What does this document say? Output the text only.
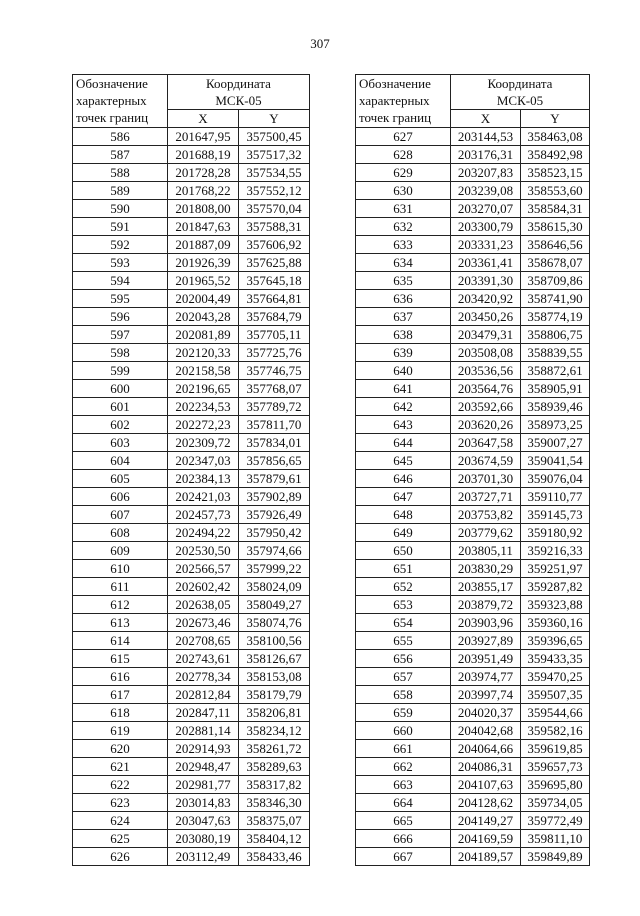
307
Обозначение
характерных
точек границ	Координата
МСК-05	

	X	Y
586	201647,95	357500,45
587	201688,19	357517,32
588	201728,28	357534,55
589	201768,22	357552,12
590	201808,00	357570,04
591	201847,63	357588,31
592	201887,09	357606,92
593	201926,39	357625,88
594	201965,52	357645,18
595	202004,49	357664,81
596	202043,28	357684,79
597	202081,89	357705,11
598	202120,33	357725,76
599	202158,58	357746,75
600	202196,65	357768,07
601	202234,53	357789,72
602	202272,23	357811,70
603	202309,72	357834,01
604	202347,03	357856,65
605	202384,13	357879,61
606	202421,03	357902,89
607	202457,73	357926,49
608	202494,22	357950,42
609	202530,50	357974,66
610	202566,57	357999,22
611	202602,42	358024,09
612	202638,05	358049,27
613	202673,46	358074,76
614	202708,65	358100,56
615	202743,61	358126,67
616	202778,34	358153,08
617	202812,84	358179,79
618	202847,11	358206,81
619	202881,14	358234,12
620	202914,93	358261,72
621	202948,47	358289,63
622	202981,77	358317,82
623	203014,83	358346,30
624	203047,63	358375,07
625	203080,19	358404,12
626	203112,49	358433,46
Обозначение
характерных
точек границ	Координата
МСК-05	

	X	Y
627	203144,53	358463,08
628	203176,31	358492,98
629	203207,83	358523,15
630	203239,08	358553,60
631	203270,07	358584,31
632	203300,79	358615,30
633	203331,23	358646,56
634	203361,41	358678,07
635	203391,30	358709,86
636	203420,92	358741,90
637	203450,26	358774,19
638	203479,31	358806,75
639	203508,08	358839,55
640	203536,56	358872,61
641	203564,76	358905,91
642	203592,66	358939,46
643	203620,26	358973,25
644	203647,58	359007,27
645	203674,59	359041,54
646	203701,30	359076,04
647	203727,71	359110,77
648	203753,82	359145,73
649	203779,62	359180,92
650	203805,11	359216,33
651	203830,29	359251,97
652	203855,17	359287,82
653	203879,72	359323,88
654	203903,96	359360,16
655	203927,89	359396,65
656	203951,49	359433,35
657	203974,77	359470,25
658	203997,74	359507,35
659	204020,37	359544,66
660	204042,68	359582,16
661	204064,66	359619,85
662	204086,31	359657,73
663	204107,63	359695,80
664	204128,62	359734,05
665	204149,27	359772,49
666	204169,59	359811,10
667	204189,57	359849,89
